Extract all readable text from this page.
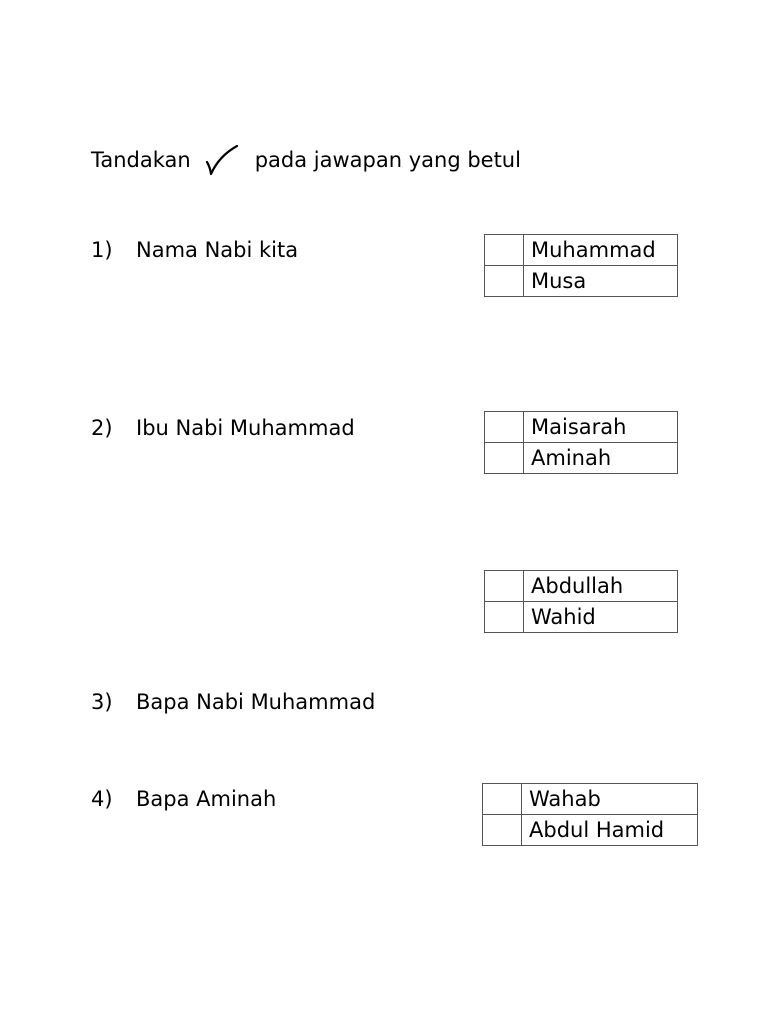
Tandakan	pada jawapan yang betul
1)	Nama Nabi kita
		Muhammad
	Musa
2)	Ibu Nabi Muhammad
		Maisarah
	Aminah
	Abdullah
	Wahid
3)	Bapa Nabi Muhammad
4)	Bapa Aminah
		Wahab
	Abdul Hamid
